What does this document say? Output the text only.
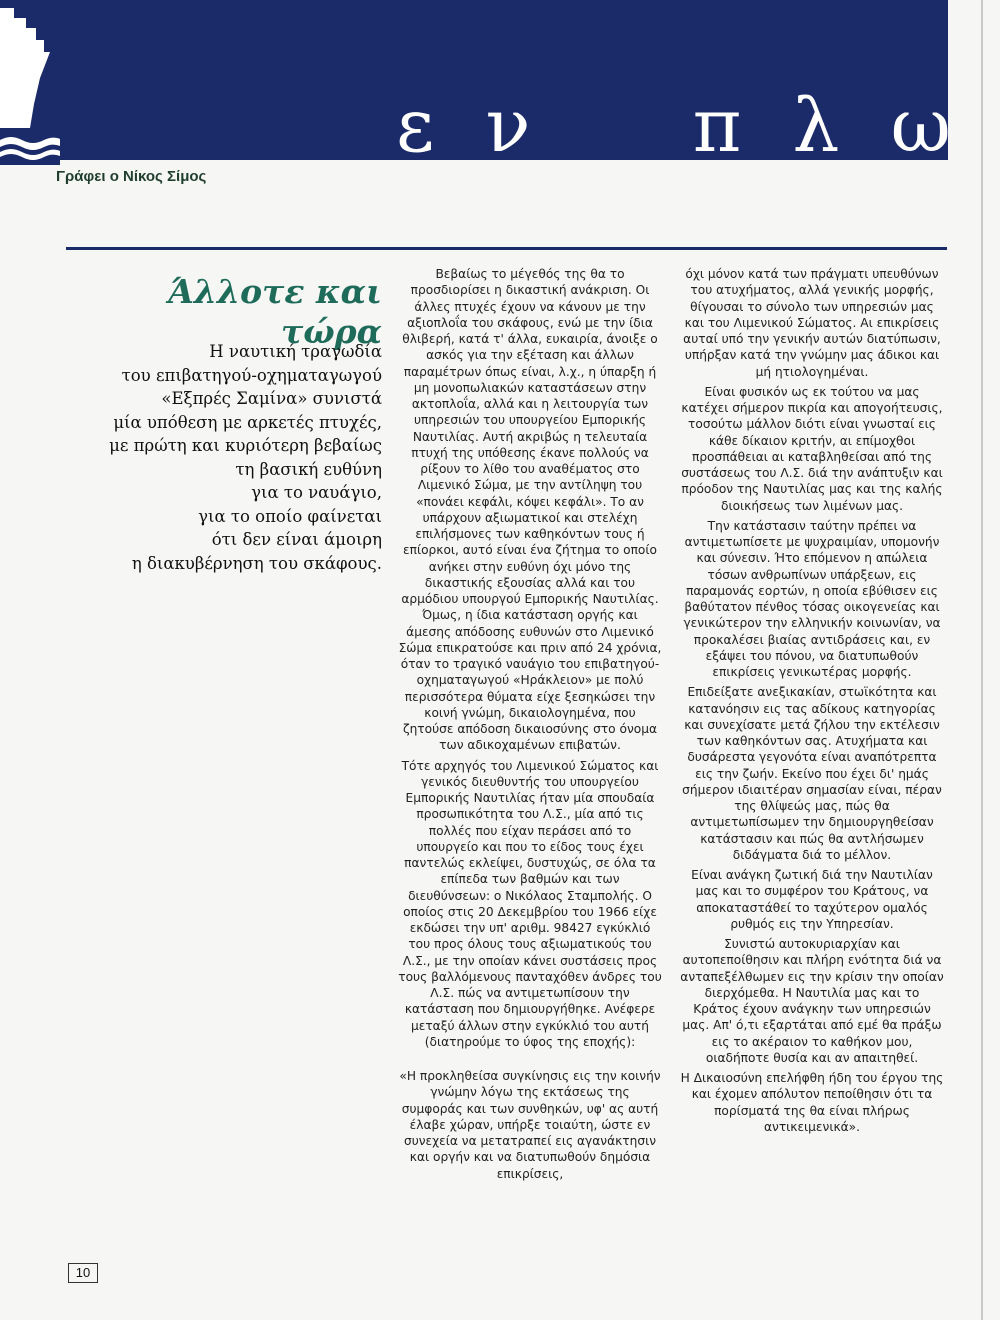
ε ν π λ ω
Γράφει ο Νίκος Σίμος
Άλλοτε και τώρα

Η ναυτική τραγωδία

του επιβατηγού-οχηματαγωγού

«Εξπρές Σαμίνα» συνιστά

μία υπόθεση με αρκετές πτυχές,

με πρώτη και κυριότερη βεβαίως

τη βασική ευθύνη

για το ναυάγιο,

για το οποίο φαίνεται

ότι δεν είναι άμοιρη

η διακυβέρνηση του σκάφους.

Βεβαίως το μέγεθός της θα το προσδιορίσει η δικαστική ανάκριση. Οι άλλες πτυχές έχουν να κάνουν με την αξιοπλοΐα του σκάφους, ενώ με την ίδια θλιβερή, κατά τ' άλλα, ευκαιρία, άνοιξε ο ασκός για την εξέταση και άλλων παραμέτρων όπως είναι, λ.χ., η ύπαρξη ή μη μονοπωλιακών καταστάσεων στην ακτοπλοΐα, αλλά και η λειτουργία των υπηρεσιών του υπουργείου Εμπορικής Ναυτιλίας. Αυτή ακριβώς η τελευταία πτυχή της υπόθεσης έκανε πολλούς να ρίξουν το λίθο του αναθέματος στο Λιμενικό Σώμα, με την αντίληψη του «πονάει κεφάλι, κόψει κεφάλι». Το αν υπάρχουν αξιωματικοί και στελέχη επιλήσμονες των καθηκόντων τους ή επίορκοι, αυτό είναι ένα ζήτημα το οποίο ανήκει στην ευθύνη όχι μόνο της δικαστικής εξουσίας αλλά και του αρμόδιου υπουργού Εμπορικής Ναυτιλίας. Όμως, η ίδια κατάσταση οργής και άμεσης απόδοσης ευθυνών στο Λιμενικό Σώμα επικρατούσε και πριν από 24 χρόνια, όταν το τραγικό ναυάγιο του επιβατηγού-οχηματαγωγού «Ηράκλειον» με πολύ περισσότερα θύματα είχε ξεσηκώσει την κοινή γνώμη, δικαιολογημένα, που ζητούσε απόδοση δικαιοσύνης στο όνομα των αδικοχαμένων επιβατών.

Τότε αρχηγός του Λιμενικού Σώματος και γενικός διευθυντής του υπουργείου Εμπορικής Ναυτιλίας ήταν μία σπουδαία προσωπικότητα του Λ.Σ., μία από τις πολλές που είχαν περάσει από το υπουργείο και που το είδος τους έχει παντελώς εκλείψει, δυστυχώς, σε όλα τα επίπεδα των βαθμών και των διευθύνσεων: ο Νικόλαος Σταμπολής. Ο οποίος στις 20 Δεκεμβρίου του 1966 είχε εκδώσει την υπ' αριθμ. 98427 εγκύκλιό του προς όλους τους αξιωματικούς του Λ.Σ., με την οποίαν κάνει συστάσεις προς τους βαλλόμενους πανταχόθεν άνδρες του Λ.Σ. πώς να αντιμετωπίσουν την κατάσταση που δημιουργήθηκε. Ανέφερε μεταξύ άλλων στην εγκύκλιό του αυτή (διατηρούμε το ύφος της εποχής):

«Η προκληθείσα συγκίνησις εις την κοινήν γνώμην λόγω της εκτάσεως της συμφοράς και των συνθηκών, υφ' ας αυτή έλαβε χώραν, υπήρξε τοιαύτη, ώστε εν συνεχεία να μετατραπεί εις αγανάκτησιν και οργήν και να διατυπωθούν δημόσια επικρίσεις,

όχι μόνον κατά των πράγματι υπευθύνων του ατυχήματος, αλλά γενικής μορφής, θίγουσαι το σύνολο των υπηρεσιών μας και του Λιμενικού Σώματος. Αι επικρίσεις αυταί υπό την γενικήν αυτών διατύπωσιν, υπήρξαν κατά την γνώμην μας άδικοι και μή ητιολογημέναι.

Είναι φυσικόν ως εκ τούτου να μας κατέχει σήμερον πικρία και απογοήτευσις, τοσούτω μάλλον διότι είναι γνωσταί εις κάθε δίκαιον κριτήν, αι επίμοχθοι προσπάθειαι αι καταβληθείσαι από της συστάσεως του Λ.Σ. διά την ανάπτυξιν και πρόοδον της Ναυτιλίας μας και της καλής διοικήσεως των λιμένων μας.

Την κατάστασιν ταύτην πρέπει να αντιμετωπίσετε με ψυχραιμίαν, υπομονήν και σύνεσιν. Ήτο επόμενον η απώλεια τόσων ανθρωπίνων υπάρξεων, εις παραμονάς εορτών, η οποία εβύθισεν εις βαθύτατον πένθος τόσας οικογενείας και γενικώτερον την ελληνικήν κοινωνίαν, να προκαλέσει βιαίας αντιδράσεις και, εν εξάψει του πόνου, να διατυπωθούν επικρίσεις γενικωτέρας μορφής.

Επιδείξατε ανεξικακίαν, στωϊκότητα και κατανόησιν εις τας αδίκους κατηγορίας και συνεχίσατε μετά ζήλου την εκτέλεσιν των καθηκόντων σας. Ατυχήματα και δυσάρεστα γεγονότα είναι αναπότρεπτα εις την ζωήν. Εκείνο που έχει δι' ημάς σήμερον ιδιαιτέραν σημασίαν είναι, πέραν της θλίψεώς μας, πώς θα αντιμετωπίσωμεν την δημιουργηθείσαν κατάστασιν και πώς θα αντλήσωμεν διδάγματα διά το μέλλον.

Είναι ανάγκη ζωτική διά την Ναυτιλίαν μας και το συμφέρον του Κράτους, να αποκαταστάθεί το ταχύτερον ομαλός ρυθμός εις την Υπηρεσίαν.

Συνιστώ αυτοκυριαρχίαν και αυτοπεποίθησιν και πλήρη ενότητα διά να ανταπεξέλθωμεν εις την κρίσιν την οποίαν διερχόμεθα. Η Ναυτιλία μας και το Κράτος έχουν ανάγκην των υπηρεσιών μας. Απ' ό,τι εξαρτάται από εμέ θα πράξω εις το ακέραιον το καθήκον μου, οιαδήποτε θυσία και αν απαιτηθεί.

Η Δικαιοσύνη επελήφθη ήδη του έργου της και έχομεν απόλυτον πεποίθησιν ότι τα πορίσματά της θα είναι πλήρως αντικειμενικά».

10
